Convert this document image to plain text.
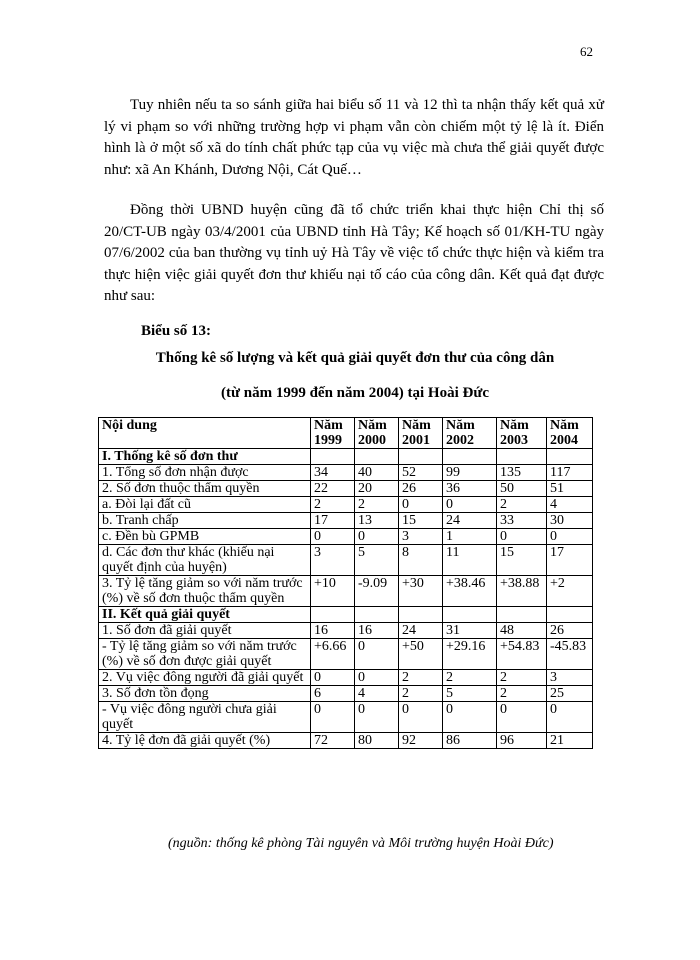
62

Tuy nhiên nếu ta so sánh giữa hai biểu số 11 và 12 thì ta nhận thấy kết quả xử lý vi phạm so với những trường hợp vi phạm vẫn còn chiếm một tỷ lệ là ít. Điển hình là ở một số xã do tính chất phức tạp của vụ việc mà chưa thể giải quyết được như: xã An Khánh, Dương Nội, Cát Quế…

Đồng thời UBND huyện cũng đã tổ chức triển khai thực hiện Chỉ thị số 20/CT-UB ngày 03/4/2001 của UBND tỉnh Hà Tây; Kế hoạch số 01/KH-TU ngày 07/6/2002 của ban thường vụ tỉnh uỷ Hà Tây về việc tổ chức thực hiện và kiểm tra thực hiện việc giải quyết đơn thư khiếu nại tố cáo của công dân. Kết quả đạt được như sau:

Biểu số 13:
Thống kê số lượng và kết quả giải quyết đơn thư của công dân
(từ năm 1999 đến năm 2004) tại Hoài Đức
Nội dung	Năm 1999	Năm 2000	Năm 2001	Năm 2002	Năm 2003	Năm 2004
I. Thống kê số đơn thư						
1. Tổng số đơn nhận được	34	40	52	99	135	117
2. Số đơn thuộc thẩm quyền	22	20	26	36	50	51
a. Đòi lại đất cũ	2	2	0	0	2	4
b. Tranh chấp	17	13	15	24	33	30
c. Đền bù GPMB	0	0	3	1	0	0
d. Các đơn thư khác (khiếu nại quyết định của huyện)	3	5	8	11	15	17
3. Tỷ lệ tăng giảm so với năm trước (%) về số đơn thuộc thẩm quyền	+10	-9.09	+30	+38.46	+38.88	+2
II. Kết quả giải quyết						
1. Số đơn đã giải quyết	16	16	24	31	48	26
- Tỷ lệ tăng giảm so với năm trước (%) về số đơn được giải quyết	+6.66	0	+50	+29.16	+54.83	-45.83
2. Vụ việc đông người đã giải quyết	0	0	2	2	2	3
3. Số đơn tồn đọng	6	4	2	5	2	25
- Vụ việc đông người chưa giải quyết	0	0	0	0	0	0
4. Tỷ lệ đơn đã giải quyết (%)	72	80	92	86	96	21
(nguồn: thống kê phòng Tài nguyên và Môi trường huyện Hoài Đức)
